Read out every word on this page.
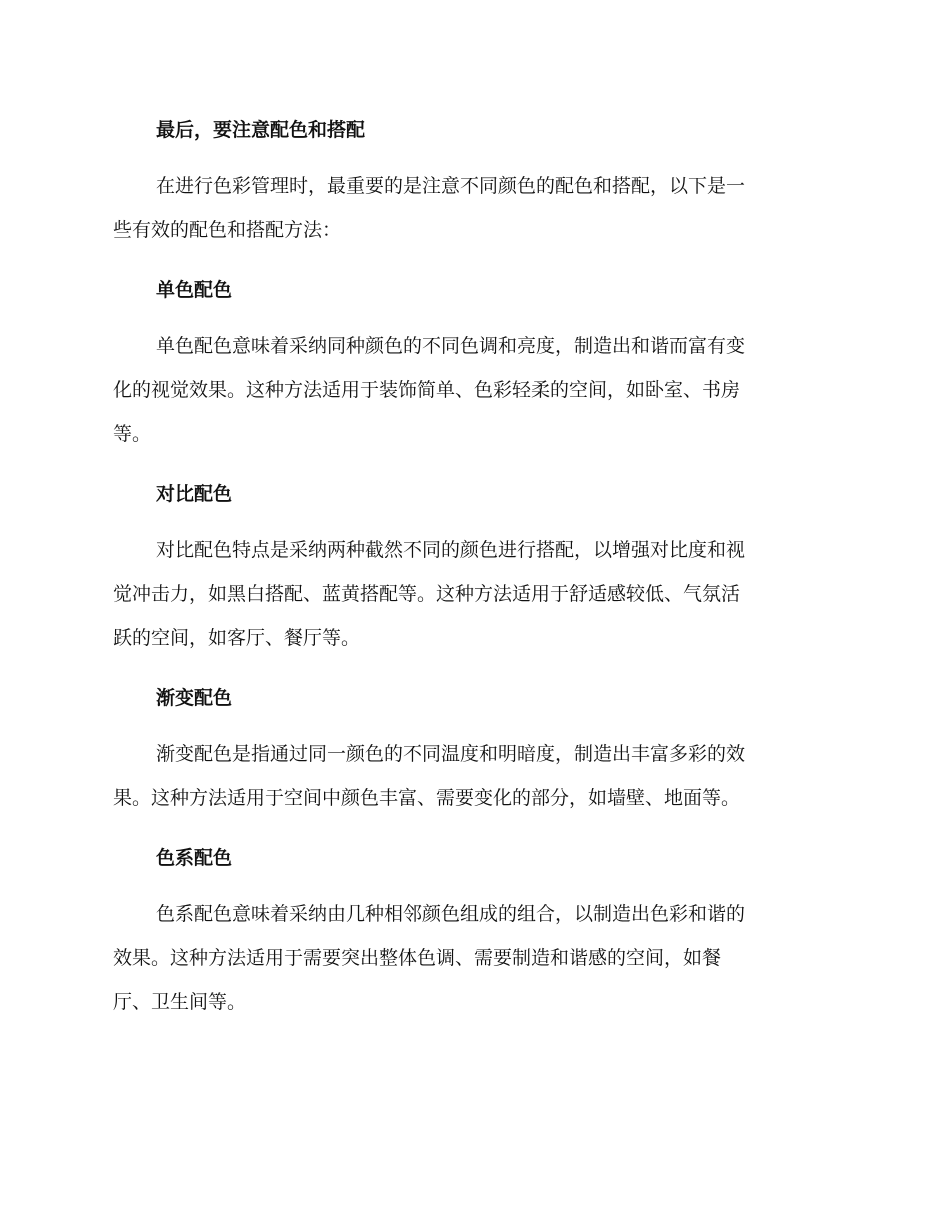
最后，要注意配色和搭配

在进行色彩管理时，最重要的是注意不同颜色的配色和搭配，以下是一
些有效的配色和搭配方法：

单色配色

单色配色意味着采纳同种颜色的不同色调和亮度，制造出和谐而富有变
化的视觉效果。这种方法适用于装饰简单、色彩轻柔的空间，如卧室、书房
等。

对比配色

对比配色特点是采纳两种截然不同的颜色进行搭配，以增强对比度和视
觉冲击力，如黑白搭配、蓝黄搭配等。这种方法适用于舒适感较低、气氛活
跃的空间，如客厅、餐厅等。

渐变配色

渐变配色是指通过同一颜色的不同温度和明暗度，制造出丰富多彩的效
果。这种方法适用于空间中颜色丰富、需要变化的部分，如墙壁、地面等。

色系配色

色系配色意味着采纳由几种相邻颜色组成的组合，以制造出色彩和谐的
效果。这种方法适用于需要突出整体色调、需要制造和谐感的空间，如餐
厅、卫生间等。
